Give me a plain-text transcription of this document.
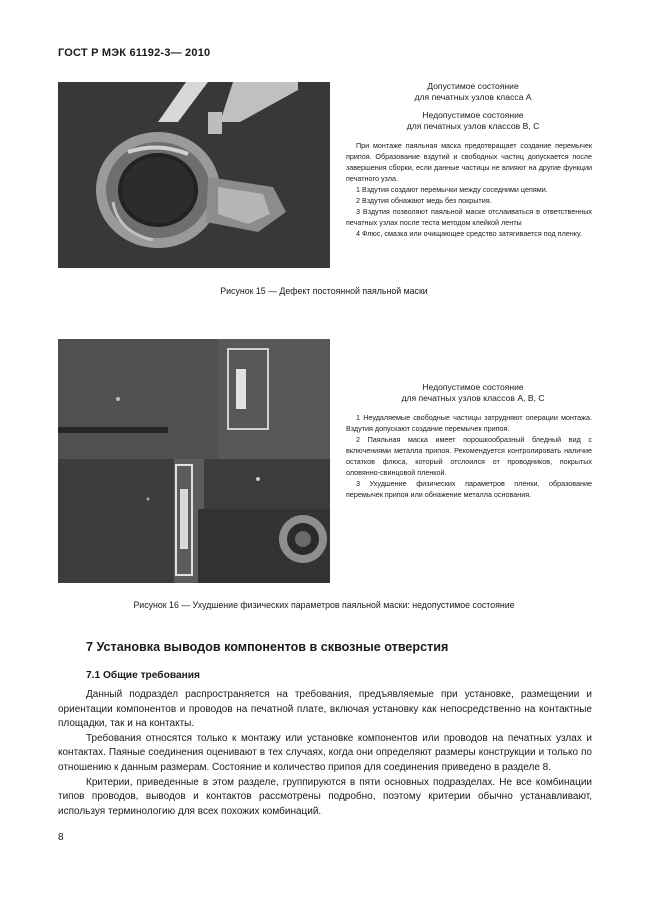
ГОСТ Р МЭК 61192-3— 2010
Допустимое состояние
для печатных узлов класса А
Недопустимое состояние
для печатных узлов классов В, С

При монтаже паяльная маска предотвращает создание перемычек припоя. Образование вздутий и свободных частиц допускается после завершения сборки, если данные частицы не влияют на другие функции печатного узла.

1 Вздутия создают перемычки между соседними цепями.

2 Вздутия обнажают медь без покрытия.

3 Вздутия позволяют паяльной маске отслаиваться в ответственных печатных узлах после теста методом клейкой ленты

4 Флюс, смазка или очищающее средство затягивается под пленку.

Рисунок 15 — Дефект постоянной паяльной маски
Недопустимое состояние
для печатных узлов классов А, В, С

1 Неудаляемые свободные частицы затрудняют операции монтажа. Вздутия допускают создание перемычек припоя.

2 Паяльная маска имеет порошкообразный бледный вид с включениями металла припоя. Рекомендуется контролировать наличие остатков флюса, который отслоился от проводников, покрытых оловянно-свинцовой пленкой.

3 Ухудшение физических параметров пленки, образование перемычек припоя или обнажение металла основания.

Рисунок 16 — Ухудшение физических параметров паяльной маски: недопустимое состояние
7 Установка выводов компонентов в сквозные отверстия
7.1 Общие требования

Данный подраздел распространяется на требования, предъявляемые при установке, размещении и ориентации компонентов и проводов на печатной плате, включая установку как непосредственно на контактные площадки, так и на контакты.

Требования относятся только к монтажу или установке компонентов или проводов на печатных узлах и контактах. Паяные соединения оценивают в тех случаях, когда они определяют размеры конструкции и только по отношению к данным размерам. Состояние и количество припоя для соединения приведено в разделе 8.

Критерии, приведенные в этом разделе, группируются в пяти основных подразделах. Не все комбинации типов проводов, выводов и контактов рассмотрены подробно, поэтому критерии обычно устанавливают, используя терминологию для всех похожих комбинаций.

8
